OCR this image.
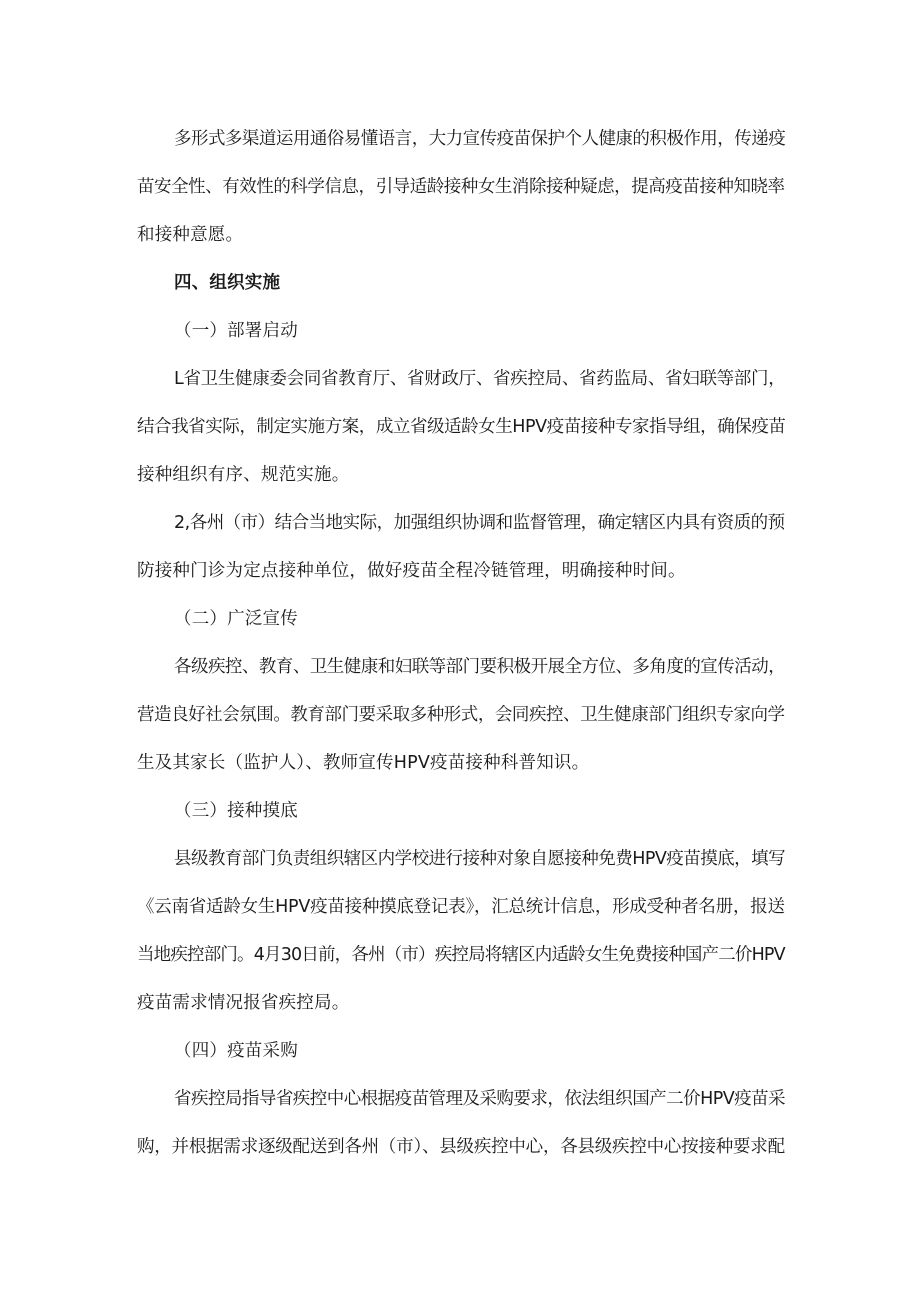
多形式多渠道运用通俗易懂语言，大力宣传疫苗保护个人健康的积极作用，传递疫
苗安全性、有效性的科学信息，引导适龄接种女生消除接种疑虑，提高疫苗接种知晓率
和接种意愿。
四、组织实施
（一）部署启动
L省卫生健康委会同省教育厅、省财政厅、省疾控局、省药监局、省妇联等部门，
结合我省实际，制定实施方案，成立省级适龄女生HPV疫苗接种专家指导组，确保疫苗
接种组织有序、规范实施。
2,各州（市）结合当地实际，加强组织协调和监督管理，确定辖区内具有资质的预
防接种门诊为定点接种单位，做好疫苗全程冷链管理，明确接种时间。
（二）广泛宣传
各级疾控、教育、卫生健康和妇联等部门要积极开展全方位、多角度的宣传活动，
营造良好社会氛围。教育部门要采取多种形式，会同疾控、卫生健康部门组织专家向学
生及其家长（监护人）、教师宣传HPV疫苗接种科普知识。
（三）接种摸底
县级教育部门负责组织辖区内学校进行接种对象自愿接种免费HPV疫苗摸底，填写
《云南省适龄女生HPV疫苗接种摸底登记表》，汇总统计信息，形成受种者名册，报送
当地疾控部门。4月30日前，各州（市）疾控局将辖区内适龄女生免费接种国产二价HPV
疫苗需求情况报省疾控局。
（四）疫苗采购
省疾控局指导省疾控中心根据疫苗管理及采购要求，依法组织国产二价HPV疫苗采
购，并根据需求逐级配送到各州（市）、县级疾控中心，各县级疾控中心按接种要求配
